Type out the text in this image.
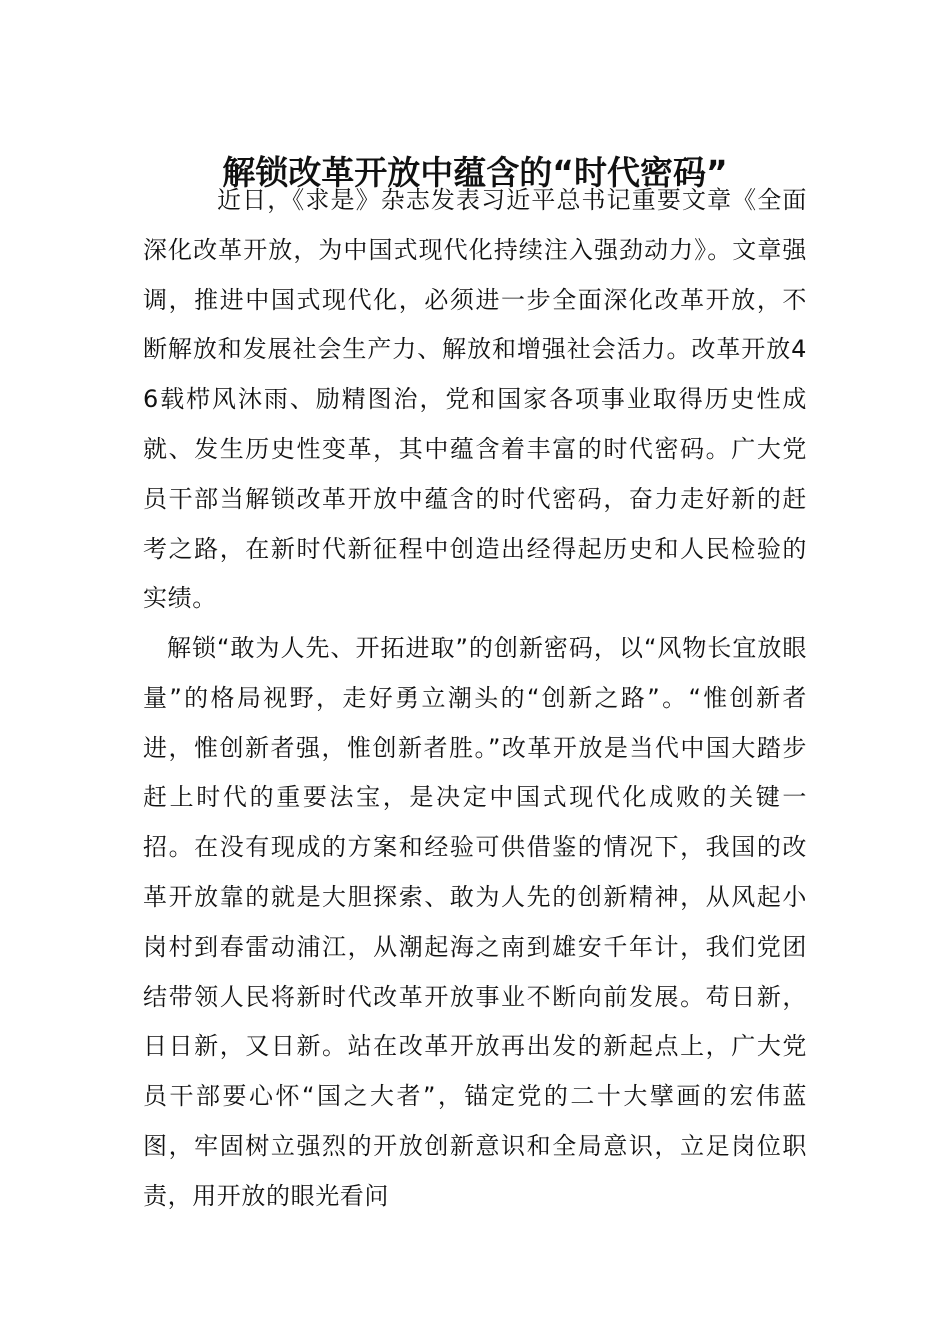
解锁改革开放中蕴含的“时代密码”

近日，《求是》杂志发表习近平总书记重要文章《全面深化改革开放，为中国式现代化持续注入强劲动力》。文章强调，推进中国式现代化，必须进一步全面深化改革开放，不断解放和发展社会生产力、解放和增强社会活力。改革开放46载栉风沐雨、励精图治，党和国家各项事业取得历史性成就、发生历史性变革，其中蕴含着丰富的时代密码。广大党员干部当解锁改革开放中蕴含的时代密码，奋力走好新的赶考之路，在新时代新征程中创造出经得起历史和人民检验的实绩。

解锁“敢为人先、开拓进取”的创新密码，以“风物长宜放眼量”的格局视野，走好勇立潮头的“创新之路”。“惟创新者进，惟创新者强，惟创新者胜。”改革开放是当代中国大踏步赶上时代的重要法宝，是决定中国式现代化成败的关键一招。在没有现成的方案和经验可供借鉴的情况下，我国的改革开放靠的就是大胆探索、敢为人先的创新精神，从风起小岗村到春雷动浦江，从潮起海之南到雄安千年计，我们党团结带领人民将新时代改革开放事业不断向前发展。苟日新，日日新，又日新。站在改革开放再出发的新起点上，广大党员干部要心怀“国之大者”，锚定党的二十大擘画的宏伟蓝图，牢固树立强烈的开放创新意识和全局意识，立足岗位职责，用开放的眼光看问
